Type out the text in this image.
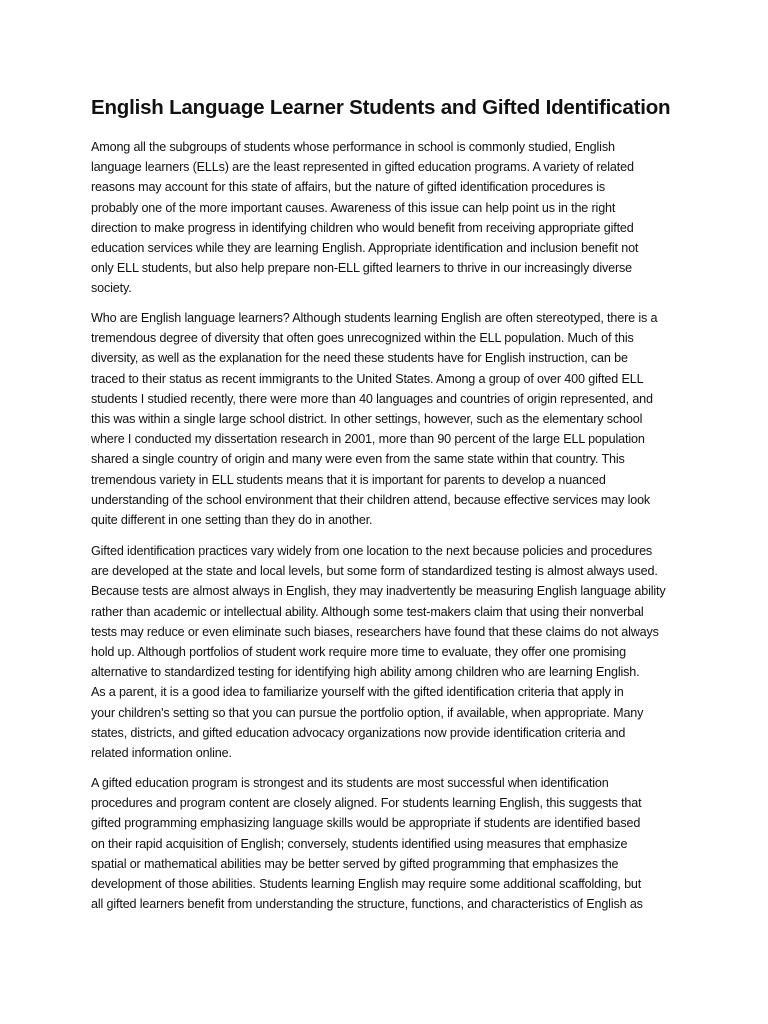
English Language Learner Students and Gifted Identification

Among all the subgroups of students whose performance in school is commonly studied, English
language learners (ELLs) are the least represented in gifted education programs. A variety of related
reasons may account for this state of affairs, but the nature of gifted identification procedures is
probably one of the more important causes. Awareness of this issue can help point us in the right
direction to make progress in identifying children who would benefit from receiving appropriate gifted
education services while they are learning English. Appropriate identification and inclusion benefit not
only ELL students, but also help prepare non-ELL gifted learners to thrive in our increasingly diverse
society.

Who are English language learners? Although students learning English are often stereotyped, there is a
tremendous degree of diversity that often goes unrecognized within the ELL population. Much of this
diversity, as well as the explanation for the need these students have for English instruction, can be
traced to their status as recent immigrants to the United States. Among a group of over 400 gifted ELL
students I studied recently, there were more than 40 languages and countries of origin represented, and
this was within a single large school district. In other settings, however, such as the elementary school
where I conducted my dissertation research in 2001, more than 90 percent of the large ELL population
shared a single country of origin and many were even from the same state within that country. This
tremendous variety in ELL students means that it is important for parents to develop a nuanced
understanding of the school environment that their children attend, because effective services may look
quite different in one setting than they do in another.

Gifted identification practices vary widely from one location to the next because policies and procedures
are developed at the state and local levels, but some form of standardized testing is almost always used.
Because tests are almost always in English, they may inadvertently be measuring English language ability
rather than academic or intellectual ability. Although some test-makers claim that using their nonverbal
tests may reduce or even eliminate such biases, researchers have found that these claims do not always
hold up. Although portfolios of student work require more time to evaluate, they offer one promising
alternative to standardized testing for identifying high ability among children who are learning English.
As a parent, it is a good idea to familiarize yourself with the gifted identification criteria that apply in
your children's setting so that you can pursue the portfolio option, if available, when appropriate. Many
states, districts, and gifted education advocacy organizations now provide identification criteria and
related information online.

A gifted education program is strongest and its students are most successful when identification
procedures and program content are closely aligned. For students learning English, this suggests that
gifted programming emphasizing language skills would be appropriate if students are identified based
on their rapid acquisition of English; conversely, students identified using measures that emphasize
spatial or mathematical abilities may be better served by gifted programming that emphasizes the
development of those abilities. Students learning English may require some additional scaffolding, but
all gifted learners benefit from understanding the structure, functions, and characteristics of English as
